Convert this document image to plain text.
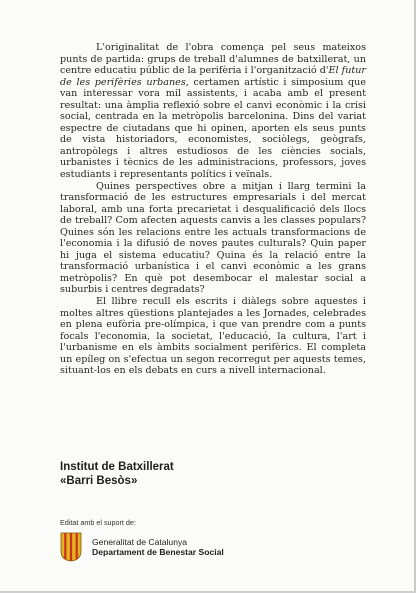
L'originalitat de l'obra comença pel seus mateixos punts de partida: grups de treball d'alumnes de batxillerat, un centre educatiu públic de la perifèria i l'organització d'El futur de les perifèries urbanes, certamen artístic i simposium que van interessar vora mil assistents, i acaba amb el present resultat: una àmplia reflexió sobre el canvi econòmic i la crisi social, centrada en la metròpolis barcelonina. Dins del variat espectre de ciutadans que hi opinen, aporten els seus punts de vista historiadors, economistes, sociòlegs, geògrafs, antropòlegs i altres estudiosos de les ciències socials, urbanistes i tècnics de les administracions, professors, joves estudiants i representants polítics i veïnals.

Quines perspectives obre a mitjan i llarg termini la transformació de les estructures empresarials i del mercat laboral, amb una forta precarietat i desqualificació dels llocs de treball? Com afecten aquests canvis a les classes populars? Quines són les relacions entre les actuals transformacions de l'economia i la difusió de noves pautes culturals? Quin paper hi juga el sistema educatiu? Quina és la relació entre la transformació urbanística i el canvi econòmic a les grans metròpolis? En què pot desembocar el malestar social a suburbis i centres degradats?

El llibre recull els escrits i diàlegs sobre aquestes i moltes altres qüestions plantejades a les Jornades, celebrades en plena eufòria pre-olímpica, i que van prendre com a punts focals l'economia, la societat, l'educació, la cultura, l'art i l'urbanisme en els àmbits socialment perifèrics. El completa un epíleg on s'efectua un segon recorregut per aquests temes, situant-los en els debats en curs a nivell internacional.

Institut de Batxillerat
«Barri Besòs»
Editat amb el suport de:
Generalitat de Catalunya
Departament de Benestar Social
